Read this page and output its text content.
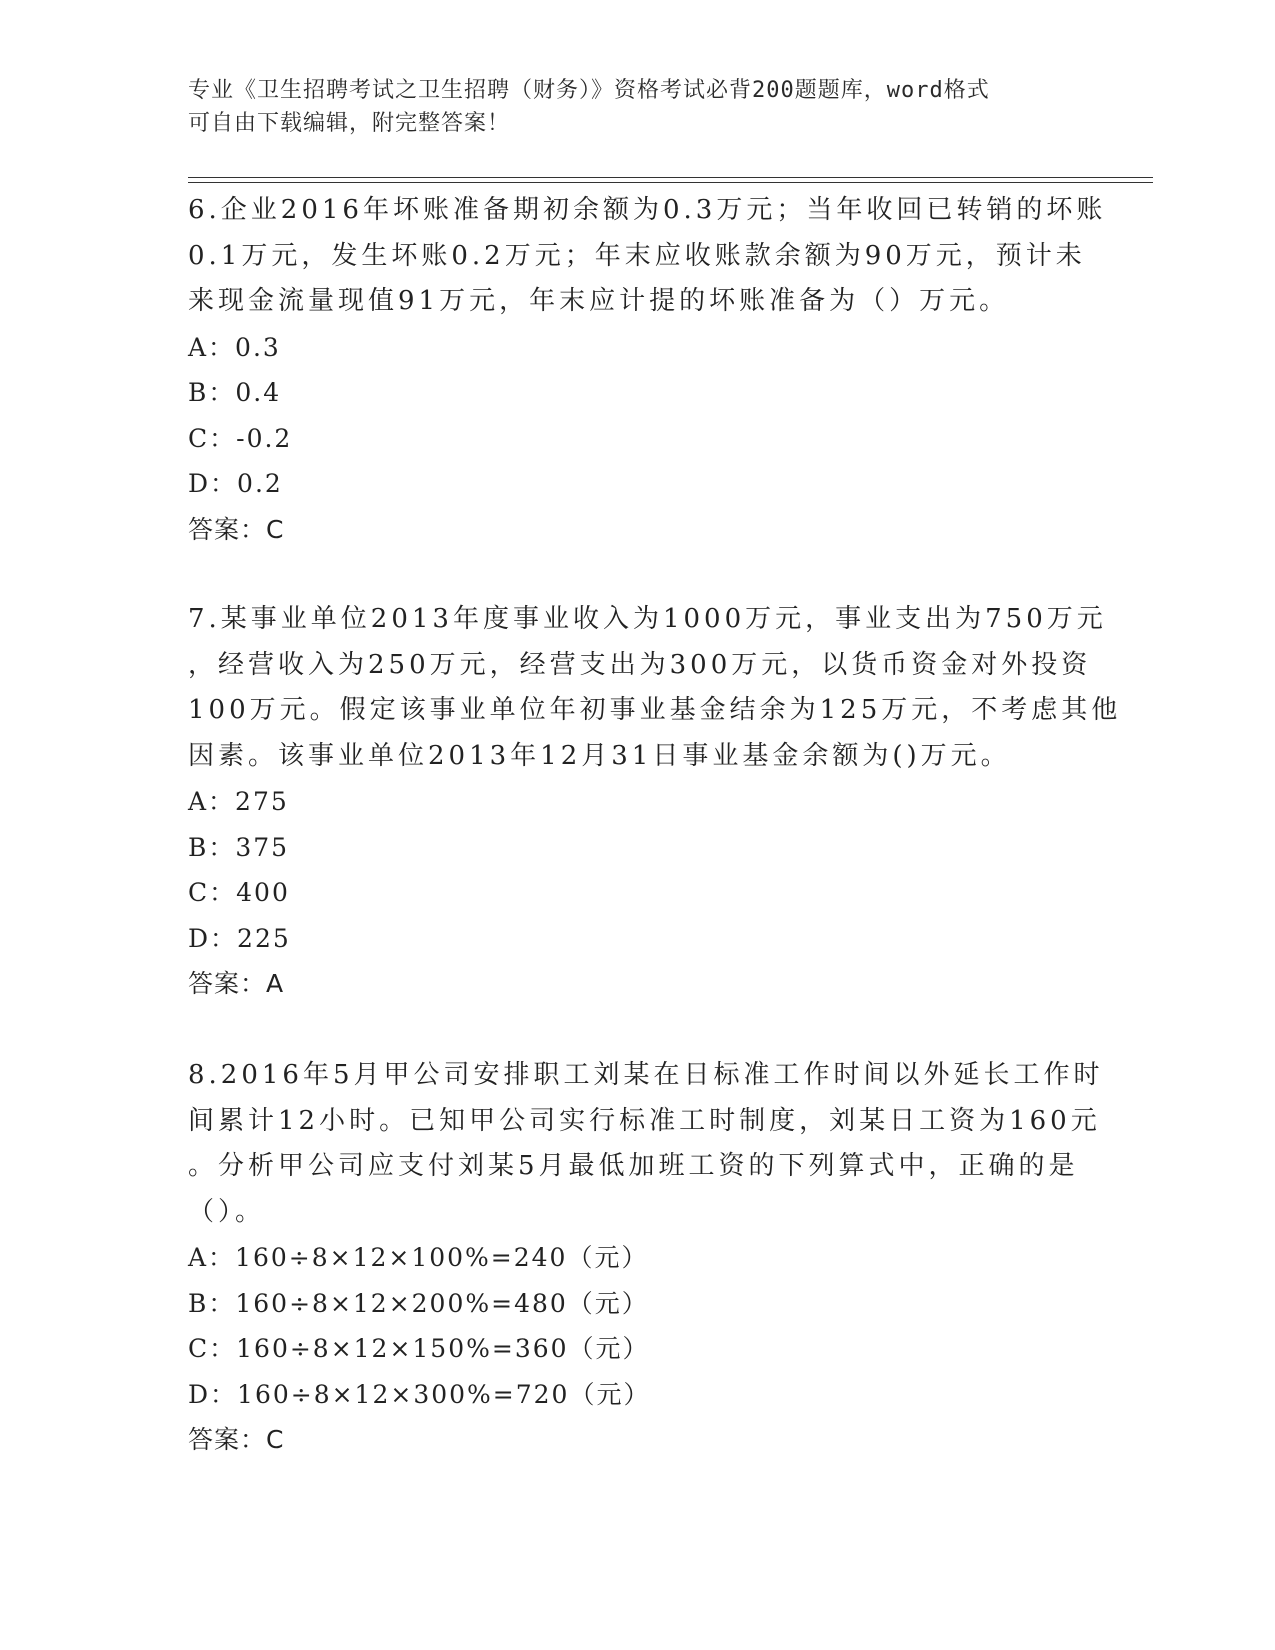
专业《卫生招聘考试之卫生招聘（财务）》资格考试必背200题题库，word格式
可自由下载编辑，附完整答案！
6.企业2016年坏账准备期初余额为0.3万元；当年收回已转销的坏账
0.1万元，发生坏账0.2万元；年末应收账款余额为90万元，预计未
来现金流量现值91万元，年末应计提的坏账准备为（）万元。
A：0.3
B：0.4
C：-0.2
D：0.2
答案：C
7.某事业单位2013年度事业收入为1000万元，事业支出为750万元
，经营收入为250万元，经营支出为300万元，以货币资金对外投资
100万元。假定该事业单位年初事业基金结余为125万元，不考虑其他
因素。该事业单位2013年12月31日事业基金余额为()万元。
A：275
B：375
C：400
D：225
答案：A
8.2016年5月甲公司安排职工刘某在日标准工作时间以外延长工作时
间累计12小时。已知甲公司实行标准工时制度，刘某日工资为160元
。分析甲公司应支付刘某5月最低加班工资的下列算式中，正确的是
（）。
A：160÷8×12×100%=240（元）
B：160÷8×12×200%=480（元）
C：160÷8×12×150%=360（元）
D：160÷8×12×300%=720（元）
答案：C
